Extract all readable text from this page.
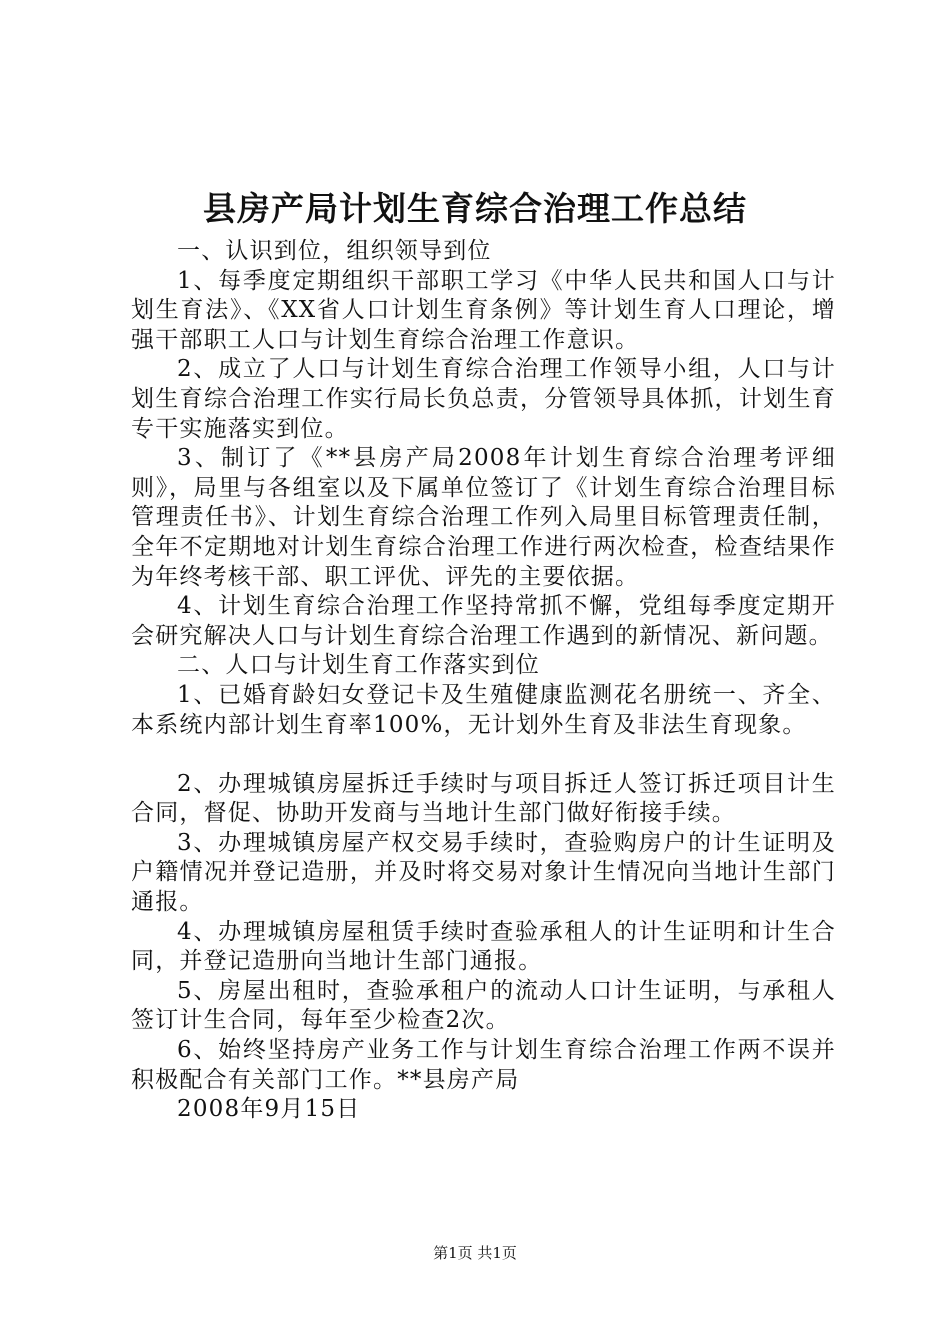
县房产局计划生育综合治理工作总结

一、认识到位，组织领导到位

1、每季度定期组织干部职工学习《中华人民共和国人口与计划生育法》、《XX省人口计划生育条例》等计划生育人口理论，增强干部职工人口与计划生育综合治理工作意识。

2、成立了人口与计划生育综合治理工作领导小组，人口与计划生育综合治理工作实行局长负总责，分管领导具体抓，计划生育专干实施落实到位。

3、制订了《**县房产局2008年计划生育综合治理考评细则》，局里与各组室以及下属单位签订了《计划生育综合治理目标管理责任书》、计划生育综合治理工作列入局里目标管理责任制，全年不定期地对计划生育综合治理工作进行两次检查，检查结果作为年终考核干部、职工评优、评先的主要依据。

4、计划生育综合治理工作坚持常抓不懈，党组每季度定期开会研究解决人口与计划生育综合治理工作遇到的新情况、新问题。

二、人口与计划生育工作落实到位

1、已婚育龄妇女登记卡及生殖健康监测花名册统一、齐全、本系统内部计划生育率100%，无计划外生育及非法生育现象。

2、办理城镇房屋拆迁手续时与项目拆迁人签订拆迁项目计生合同，督促、协助开发商与当地计生部门做好衔接手续。

3、办理城镇房屋产权交易手续时，查验购房户的计生证明及户籍情况并登记造册，并及时将交易对象计生情况向当地计生部门通报。

4、办理城镇房屋租赁手续时查验承租人的计生证明和计生合同，并登记造册向当地计生部门通报。

5、房屋出租时，查验承租户的流动人口计生证明，与承租人签订计生合同，每年至少检查2次。

6、始终坚持房产业务工作与计划生育综合治理工作两不误并积极配合有关部门工作。**县房产局

2008年9月15日

第1页 共1页
